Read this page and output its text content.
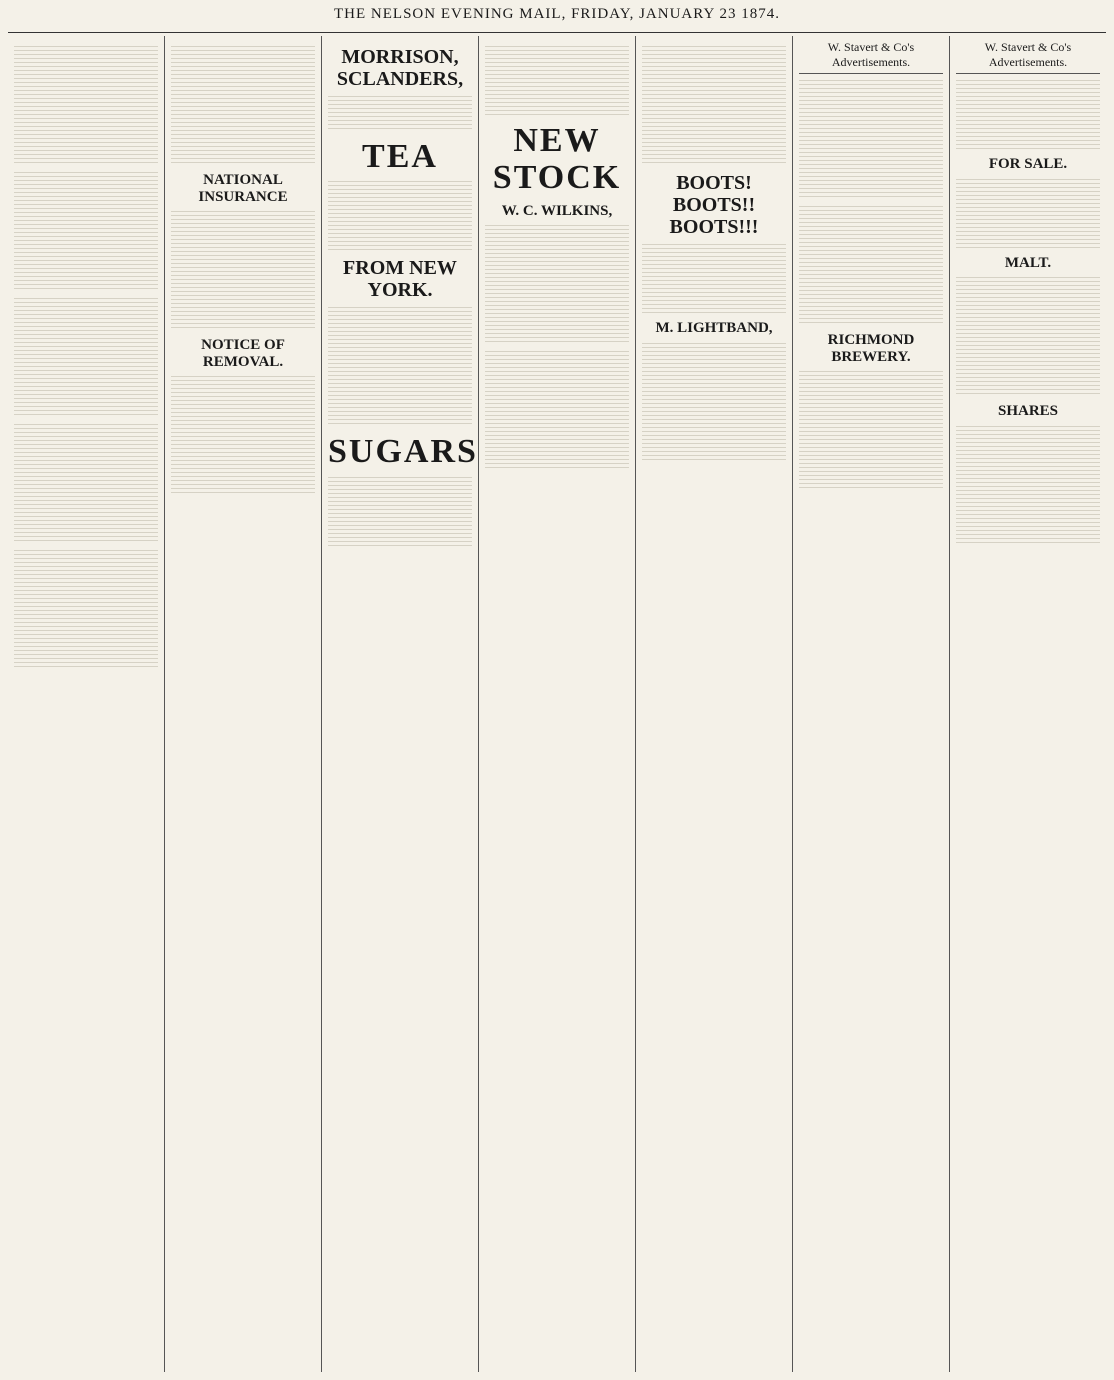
THE NELSON EVENING MAIL, FRIDAY, JANUARY 23 1874.
NATIONAL INSURANCE
NOTICE OF REMOVAL.
MORRISON, SCLANDERS,
TEA
FROM NEW YORK.
SUGARS
NEW STOCK
W. C. WILKINS,
BOOTS! BOOTS!! BOOTS!!!
M. LIGHTBAND,
W. Stavert & Co's Advertisements.
RICHMOND BREWERY.
W. Stavert & Co's Advertisements.
FOR SALE.
MALT.
SHARES
